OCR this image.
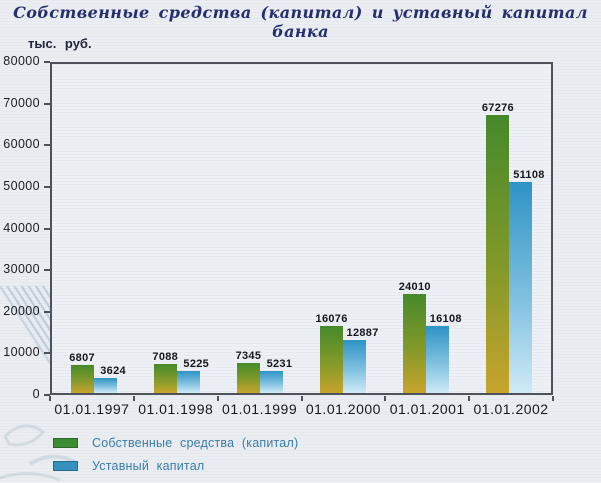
Собственные средства (капитал) и уставный капитал банка
тыс. руб.
0
10000
20000
30000
40000
50000
60000
70000
80000
6807
3624
7088
5225
7345
5231
16076
12887
24010
16108
67276
51108
01.01.1997 01.01.1998 01.01.1999 01.01.2000 01.01.2001 01.01.2002
Собственные средства (капитал)
Уставный капитал
